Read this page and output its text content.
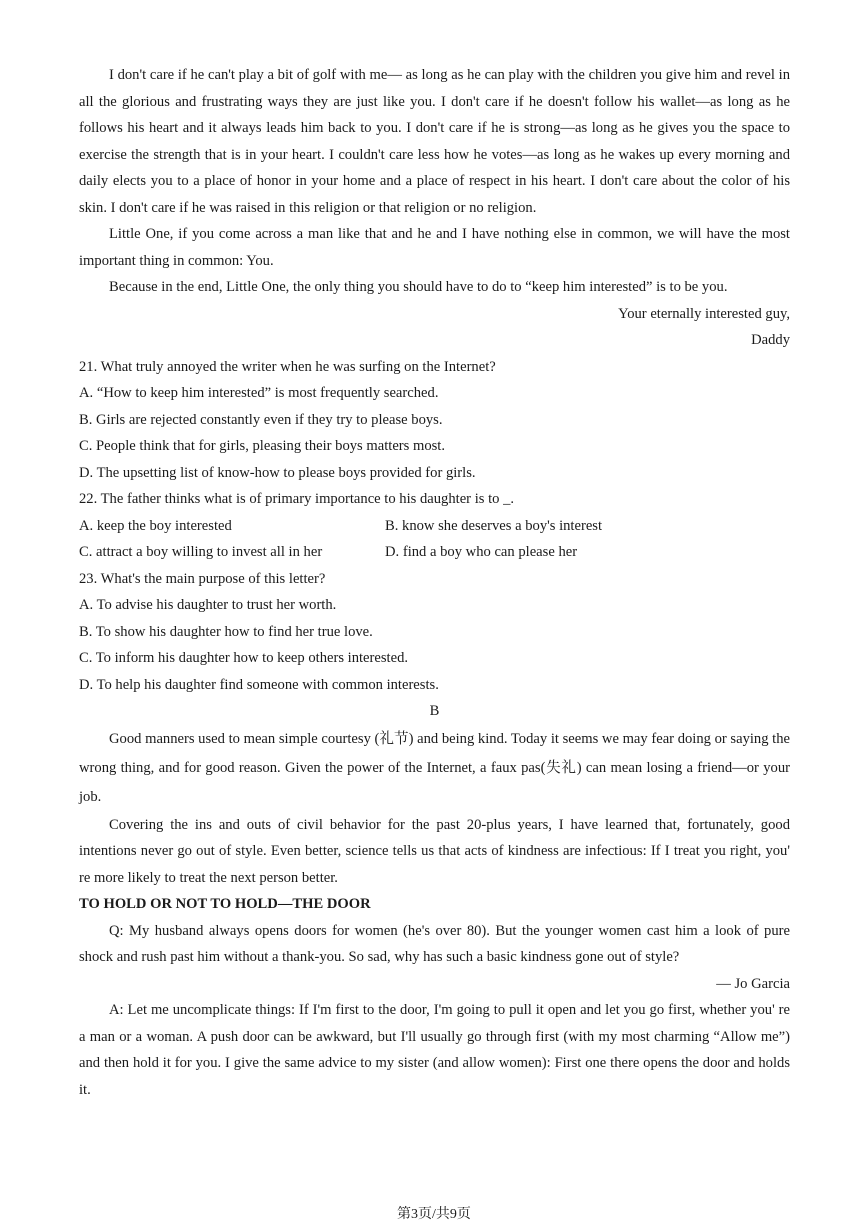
I don't care if he can't play a bit of golf with me— as long as he can play with the children you give him and revel in all the glorious and frustrating ways they are just like you. I don't care if he doesn't follow his wallet—as long as he follows his heart and it always leads him back to you. I don't care if he is strong—as long as he gives you the space to exercise the strength that is in your heart. I couldn't care less how he votes—as long as he wakes up every morning and daily elects you to a place of honor in your home and a place of respect in his heart. I don't care about the color of his skin. I don't care if he was raised in this religion or that religion or no religion.

Little One, if you come across a man like that and he and I have nothing else in common, we will have the most important thing in common: You.

Because in the end, Little One, the only thing you should have to do to “keep him interested” is to be you.

Your eternally interested guy,

Daddy

21. What truly annoyed the writer when he was surfing on the Internet?

A. “How to keep him interested” is most frequently searched.

B. Girls are rejected constantly even if they try to please boys.

C. People think that for girls, pleasing their boys matters most.

D. The upsetting list of know-how to please boys provided for girls.

22. The father thinks what is of primary importance to his daughter is to _.

A. keep the boy interested	B. know she deserves a boy's interest
C. attract a boy willing to invest all in her	D. find a boy who can please her

23. What's the main purpose of this letter?

A. To advise his daughter to trust her worth.

B. To show his daughter how to find her true love.

C. To inform his daughter how to keep others interested.

D. To help his daughter find someone with common interests.

B

Good manners used to mean simple courtesy (礼节) and being kind. Today it seems we may fear doing or saying the wrong thing, and for good reason. Given the power of the Internet, a faux pas(失礼) can mean losing a friend—or your job.

Covering the ins and outs of civil behavior for the past 20-plus years, I have learned that, fortunately, good intentions never go out of style. Even better, science tells us that acts of kindness are infectious: If I treat you right, you' re more likely to treat the next person better.

TO HOLD OR NOT TO HOLD—THE DOOR

Q: My husband always opens doors for women (he's over 80). But the younger women cast him a look of pure shock and rush past him without a thank-you. So sad, why has such a basic kindness gone out of style?

— Jo Garcia

A: Let me uncomplicate things: If I'm first to the door, I'm going to pull it open and let you go first, whether you' re a man or a woman. A push door can be awkward, but I'll usually go through first (with my most charming “Allow me”) and then hold it for you. I give the same advice to my sister (and allow women): First one there opens the door and holds it.

第3页/共9页
